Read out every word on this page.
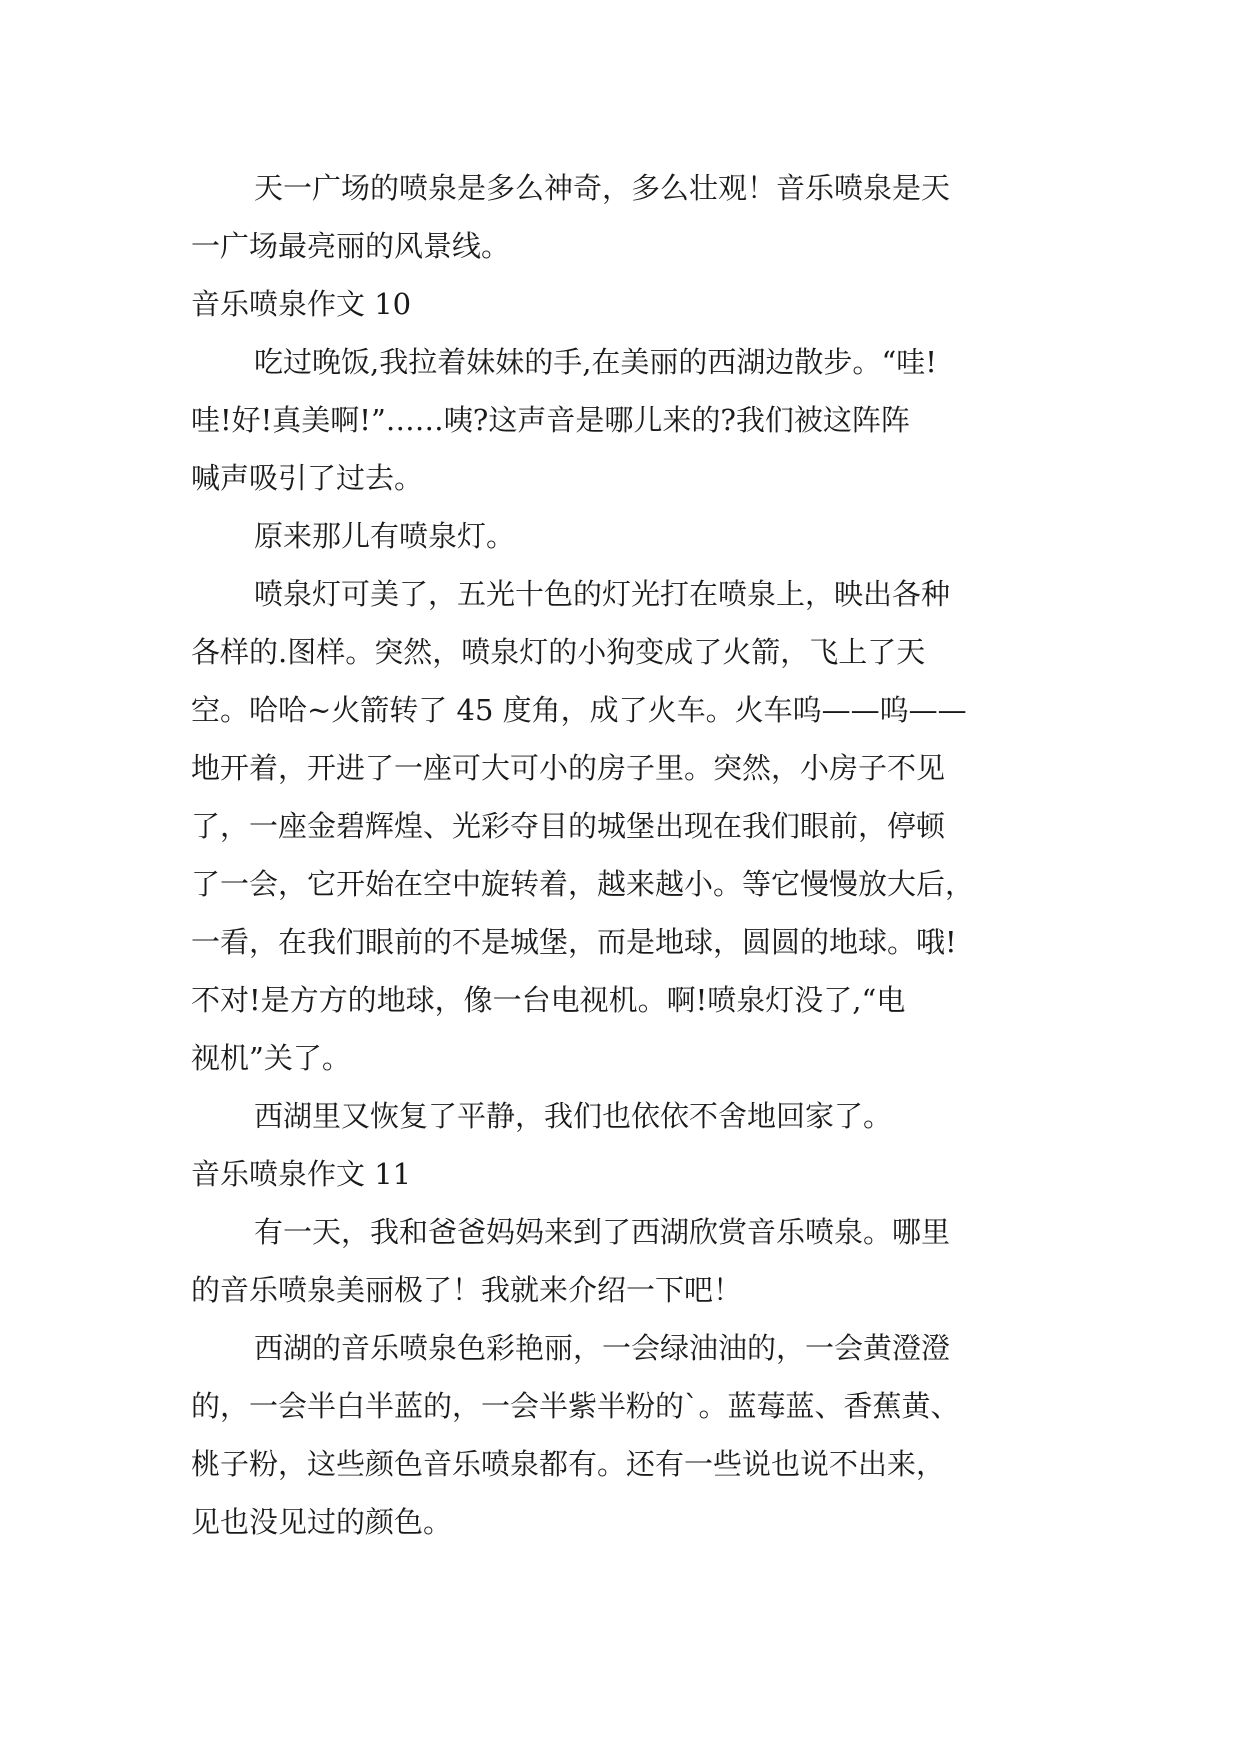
天一广场的喷泉是多么神奇，多么壮观！音乐喷泉是天
一广场最亮丽的风景线。
音乐喷泉作文 10
吃过晚饭,我拉着妹妹的手,在美丽的西湖边散步。“哇!
哇!好!真美啊!”……咦?这声音是哪儿来的?我们被这阵阵
喊声吸引了过去。
原来那儿有喷泉灯。
喷泉灯可美了，五光十色的灯光打在喷泉上，映出各种
各样的.图样。突然，喷泉灯的小狗变成了火箭，飞上了天
空。哈哈~火箭转了 45 度角，成了火车。火车呜——呜——
地开着，开进了一座可大可小的房子里。突然，小房子不见
了，一座金碧辉煌、光彩夺目的城堡出现在我们眼前，停顿
了一会，它开始在空中旋转着，越来越小。等它慢慢放大后，
一看，在我们眼前的不是城堡，而是地球，圆圆的地球。哦!
不对!是方方的地球，像一台电视机。啊!喷泉灯没了,“电
视机”关了。
西湖里又恢复了平静，我们也依依不舍地回家了。
音乐喷泉作文 11
有一天，我和爸爸妈妈来到了西湖欣赏音乐喷泉。哪里
的音乐喷泉美丽极了！我就来介绍一下吧！
西湖的音乐喷泉色彩艳丽，一会绿油油的，一会黄澄澄
的，一会半白半蓝的，一会半紫半粉的`。蓝莓蓝、香蕉黄、
桃子粉，这些颜色音乐喷泉都有。还有一些说也说不出来，
见也没见过的颜色。
